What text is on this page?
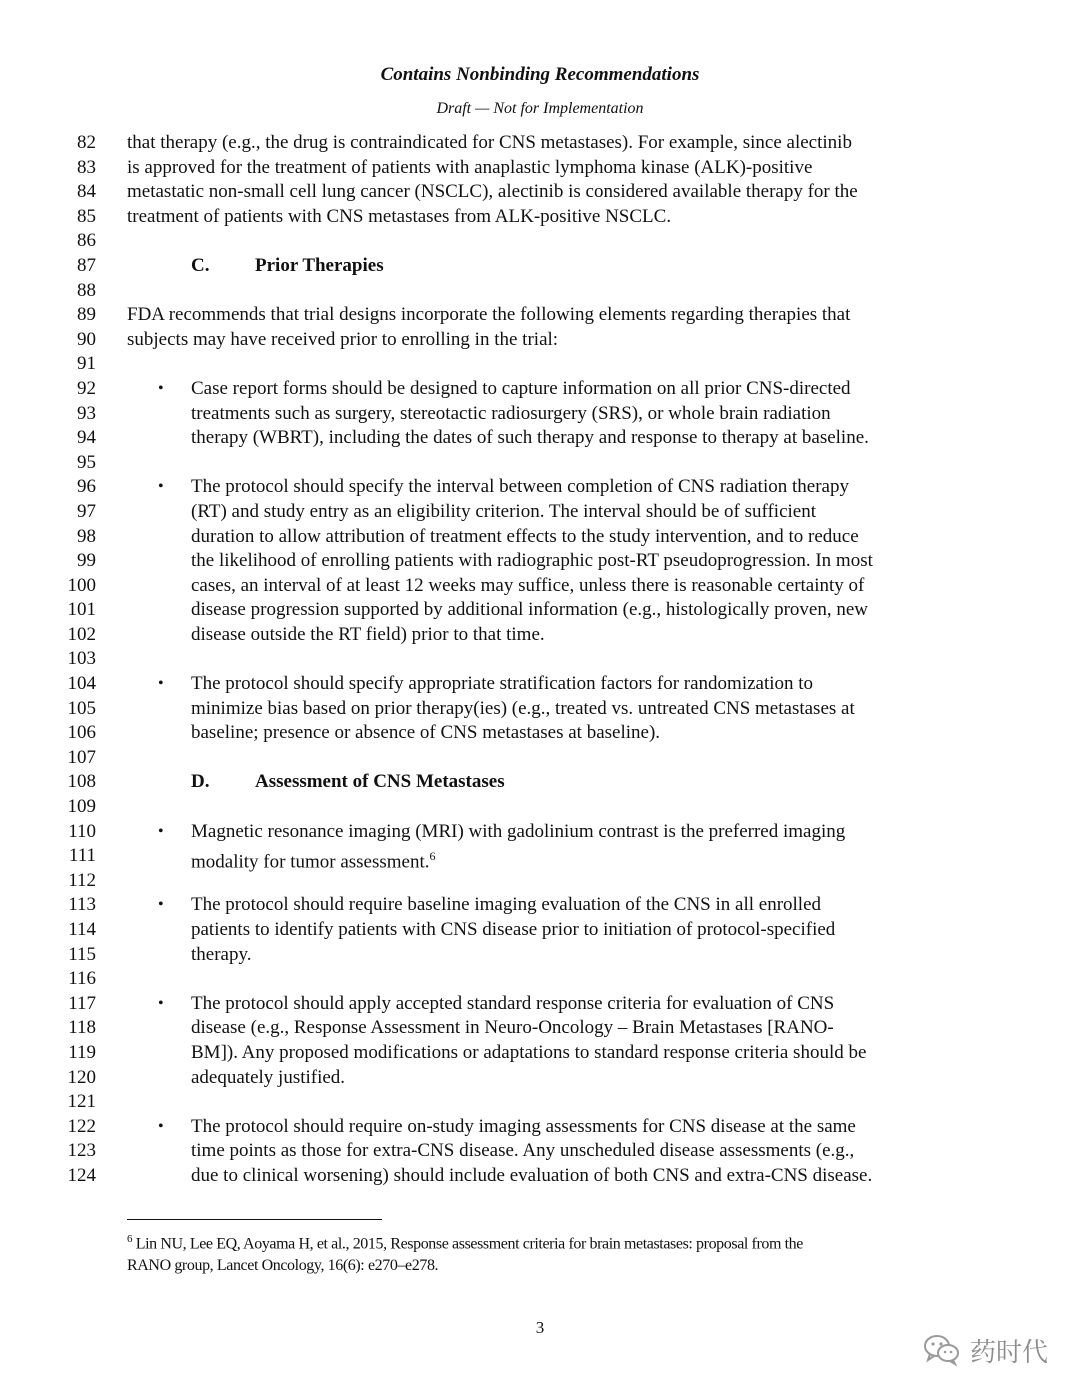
Contains Nonbinding Recommendations
Draft — Not for Implementation
82 that therapy (e.g., the drug is contraindicated for CNS metastases). For example, since alectinib
83 is approved for the treatment of patients with anaplastic lymphoma kinase (ALK)-positive
84 metastatic non-small cell lung cancer (NSCLC), alectinib is considered available therapy for the
85 treatment of patients with CNS metastases from ALK-positive NSCLC.
86
87	C. Prior Therapies
88
89 FDA recommends that trial designs incorporate the following elements regarding therapies that
90 subjects may have received prior to enrolling in the trial:
91
92	• Case report forms should be designed to capture information on all prior CNS-directed
93	treatments such as surgery, stereotactic radiosurgery (SRS), or whole brain radiation
94	therapy (WBRT), including the dates of such therapy and response to therapy at baseline.
95
96	• The protocol should specify the interval between completion of CNS radiation therapy
97	(RT) and study entry as an eligibility criterion. The interval should be of sufficient
98	duration to allow attribution of treatment effects to the study intervention, and to reduce
99	the likelihood of enrolling patients with radiographic post-RT pseudoprogression. In most
100	cases, an interval of at least 12 weeks may suffice, unless there is reasonable certainty of
101	disease progression supported by additional information (e.g., histologically proven, new
102	disease outside the RT field) prior to that time.
103
104	• The protocol should specify appropriate stratification factors for randomization to
105	minimize bias based on prior therapy(ies) (e.g., treated vs. untreated CNS metastases at
106	baseline; presence or absence of CNS metastases at baseline).
107
108	D. Assessment of CNS Metastases
109
110	• Magnetic resonance imaging (MRI) with gadolinium contrast is the preferred imaging
111	modality for tumor assessment.$^6$
112
113	• The protocol should require baseline imaging evaluation of the CNS in all enrolled
114	patients to identify patients with CNS disease prior to initiation of protocol-specified
115	therapy.
116
117	• The protocol should apply accepted standard response criteria for evaluation of CNS
118	disease (e.g., Response Assessment in Neuro-Oncology – Brain Metastases [RANO-
119	BM]). Any proposed modifications or adaptations to standard response criteria should be
120	adequately justified.
121
122	• The protocol should require on-study imaging assessments for CNS disease at the same
123	time points as those for extra-CNS disease. Any unscheduled disease assessments (e.g.,
124	due to clinical worsening) should include evaluation of both CNS and extra-CNS disease.
$^6$ Lin NU, Lee EQ, Aoyama H, et al., 2015, Response assessment criteria for brain metastases: proposal from the
RANO group, Lancet Oncology, 16(6): e270–e278.
3
药时代
